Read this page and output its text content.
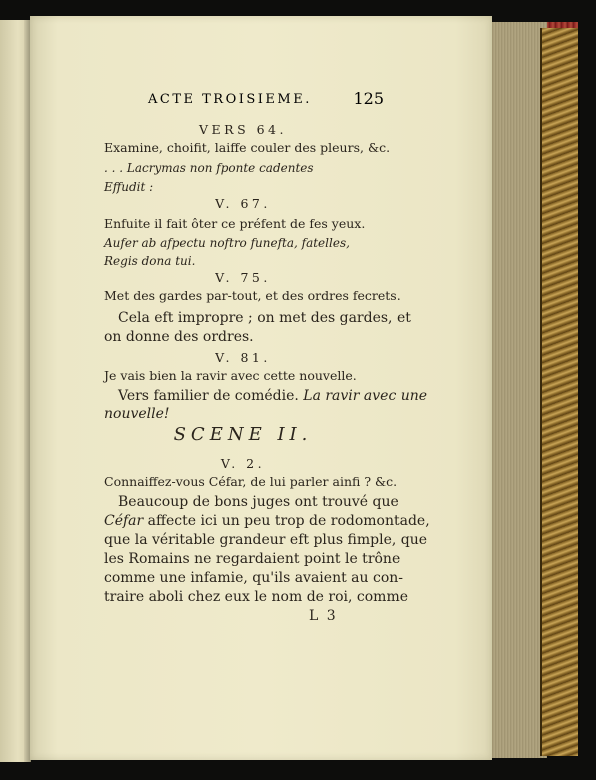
ACTE TROISIEME.	125
VERS 64.
Examine, choifit, laiffe couler des pleurs, &c.
. . . Lacrymas non fponte cadentes
Effudit :
V. 67.
Enfuite il fait ôter ce préfent de fes yeux.
Aufer ab afpectu noftro funefta, fatelles,
Regis dona tui.
V. 75.
Met des gardes par-tout, et des ordres fecrets.
Cela eft impropre ; on met des gardes, et
on donne des ordres.
V. 81.
Je vais bien la ravir avec cette nouvelle.
Vers familier de comédie. La ravir avec une
nouvelle!
SCENE II.
V. 2.
Connaiffez-vous Céfar, de lui parler ainfi ? &c.
Beaucoup de bons juges ont trouvé que
Céfar affecte ici un peu trop de rodomontade,
que la véritable grandeur eft plus fimple, que
les Romains ne regardaient point le trône
comme une infamie, qu'ils avaient au con-
traire aboli chez eux le nom de roi, comme
L 3
